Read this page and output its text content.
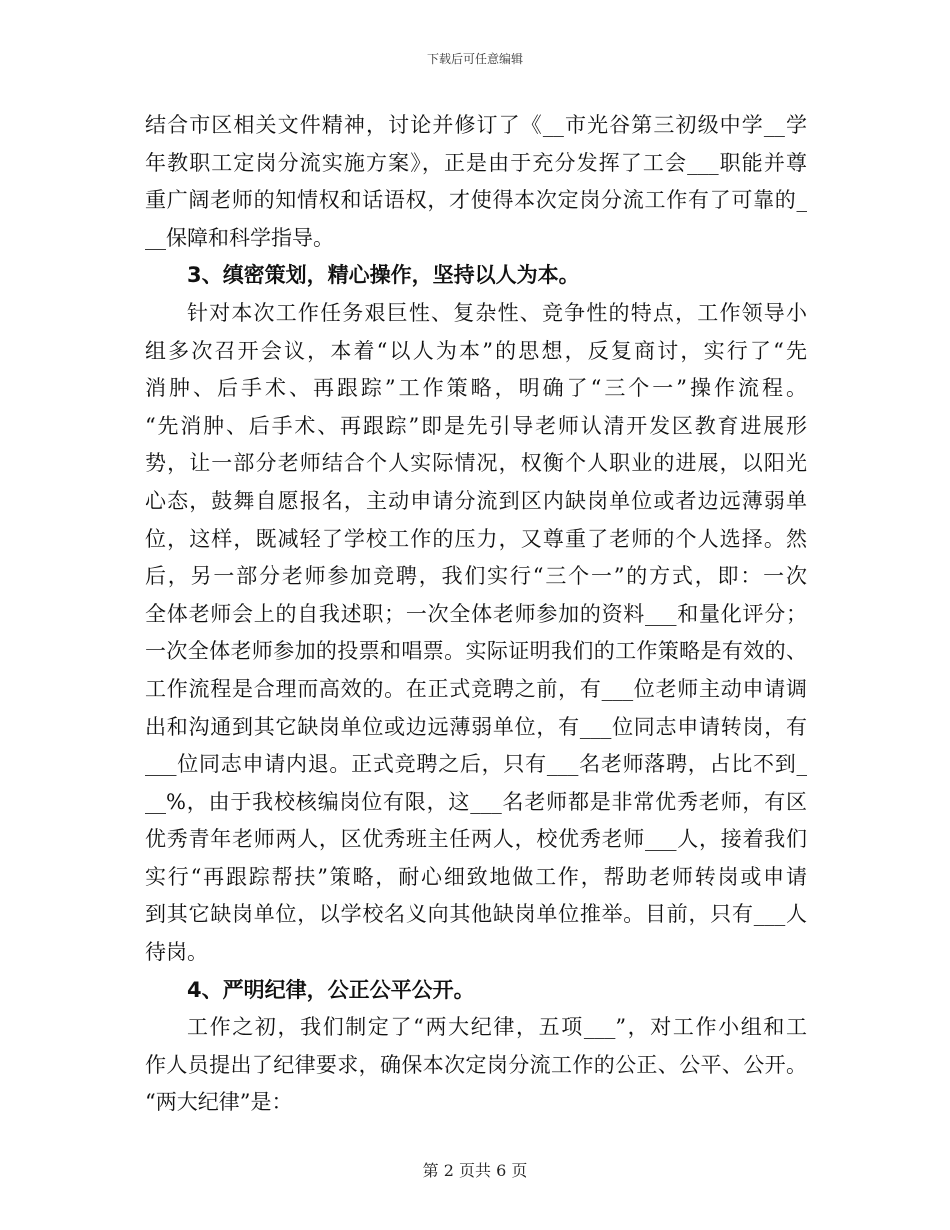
下载后可任意编辑
结合市区相关文件精神，讨论并修订了《__市光谷第三初级中学__学
年教职工定岗分流实施方案》，正是由于充分发挥了工会___职能并尊
重广阔老师的知情权和话语权，才使得本次定岗分流工作有了可靠的_
__保障和科学指导。
3、缜密策划，精心操作，坚持以人为本。
针对本次工作任务艰巨性、复杂性、竞争性的特点，工作领导小
组多次召开会议，本着“以人为本”的思想，反复商讨，实行了“先
消肿、后手术、再跟踪”工作策略，明确了“三个一”操作流程。
“先消肿、后手术、再跟踪”即是先引导老师认清开发区教育进展形
势，让一部分老师结合个人实际情况，权衡个人职业的进展，以阳光
心态，鼓舞自愿报名，主动申请分流到区内缺岗单位或者边远薄弱单
位，这样，既减轻了学校工作的压力，又尊重了老师的个人选择。然
后，另一部分老师参加竞聘，我们实行“三个一”的方式，即：一次
全体老师会上的自我述职；一次全体老师参加的资料___和量化评分；
一次全体老师参加的投票和唱票。实际证明我们的工作策略是有效的、
工作流程是合理而高效的。在正式竞聘之前，有___位老师主动申请调
出和沟通到其它缺岗单位或边远薄弱单位，有___位同志申请转岗，有
___位同志申请内退。正式竞聘之后，只有___名老师落聘，占比不到_
__%，由于我校核编岗位有限，这___名老师都是非常优秀老师，有区
优秀青年老师两人，区优秀班主任两人，校优秀老师___人，接着我们
实行“再跟踪帮扶”策略，耐心细致地做工作，帮助老师转岗或申请
到其它缺岗单位，以学校名义向其他缺岗单位推举。目前，只有___人
待岗。
4、严明纪律，公正公平公开。
工作之初，我们制定了“两大纪律，五项___”，对工作小组和工
作人员提出了纪律要求，确保本次定岗分流工作的公正、公平、公开。
“两大纪律”是：
第 2 页共 6 页
